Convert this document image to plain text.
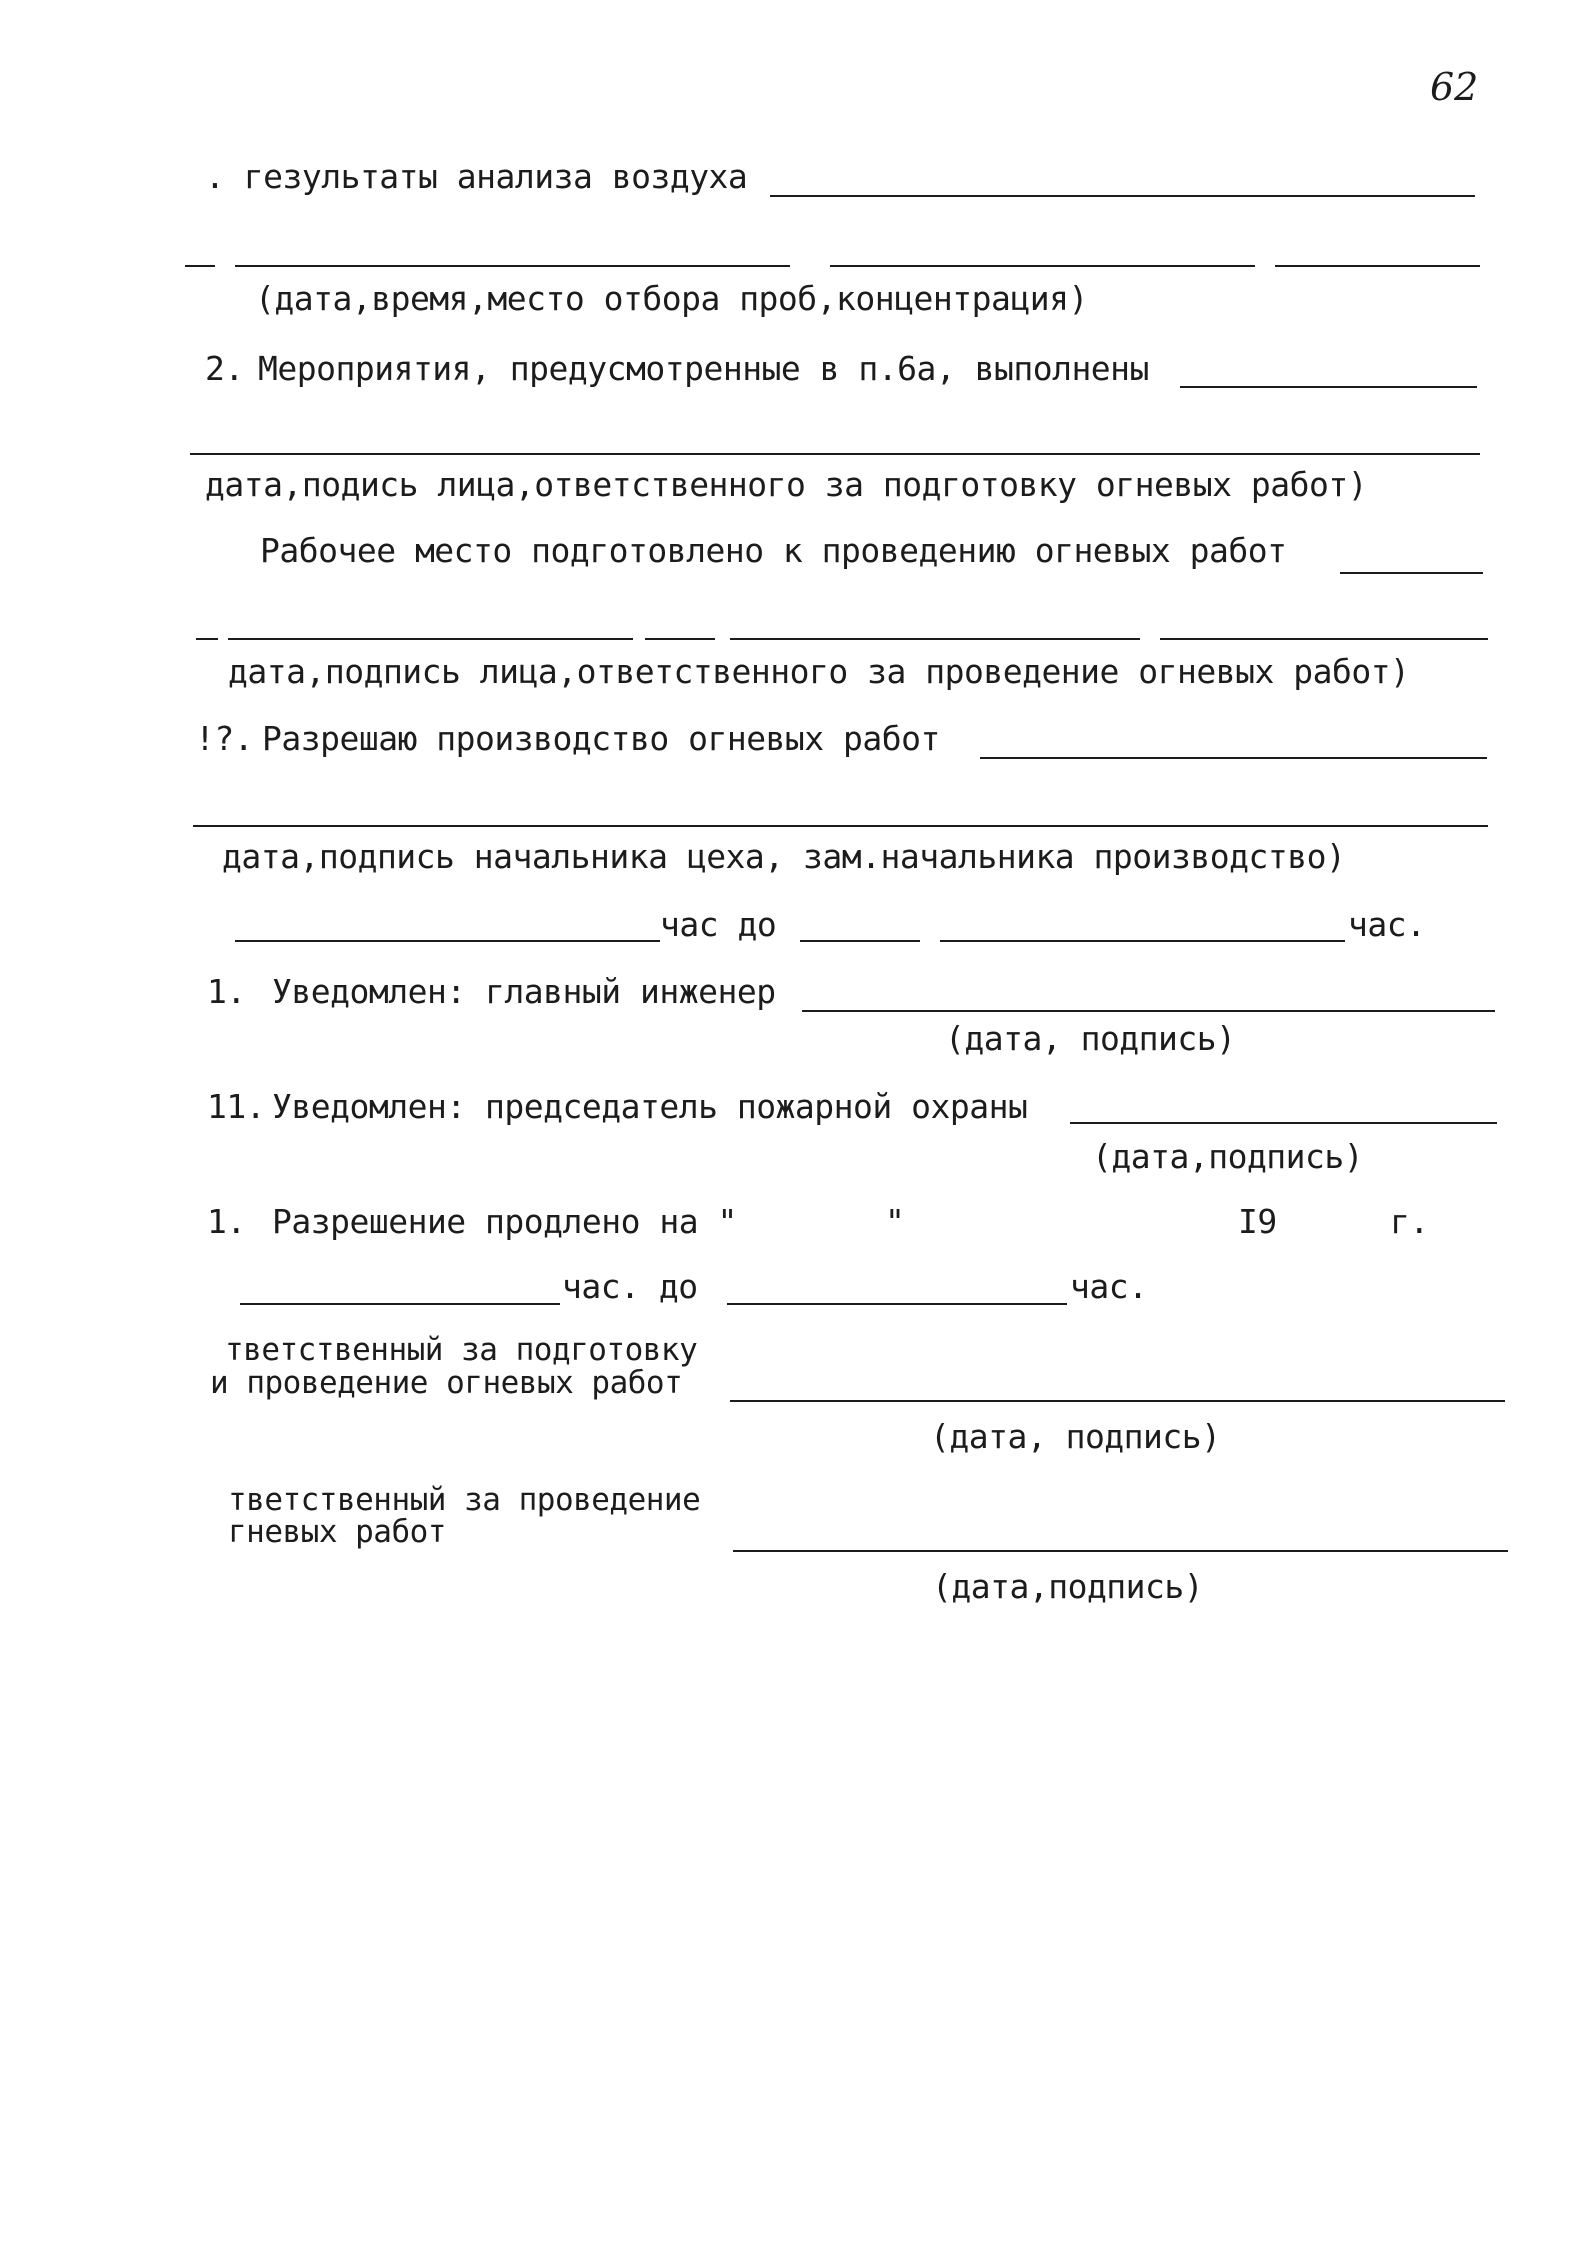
62
. гезультаты анализа воздуха
(дата,время,место отбора проб,концентрация)
2. Мероприятия, предусмотренные в п.6а, выполнены
дата,подись лица,ответственного за подготовку огневых работ)
Рабочее место подготовлено к проведению огневых работ
дата,подпись лица,ответственного за проведение огневых работ)
!?. Разрешаю производство огневых работ
дата,подпись начальника цеха, зам.начальника производство)
час до	час.
1. Уведомлен: главный инженер
(дата, подпись)
11. Уведомлен: председатель пожарной охраны
(дата,подпись)
1. Разрешение продлено на "	"	I9	г.
час. до	час.
тветственный за подготовку
и проведение огневых работ
(дата, подпись)
тветственный за проведение
гневых работ
(дата,подпись)
